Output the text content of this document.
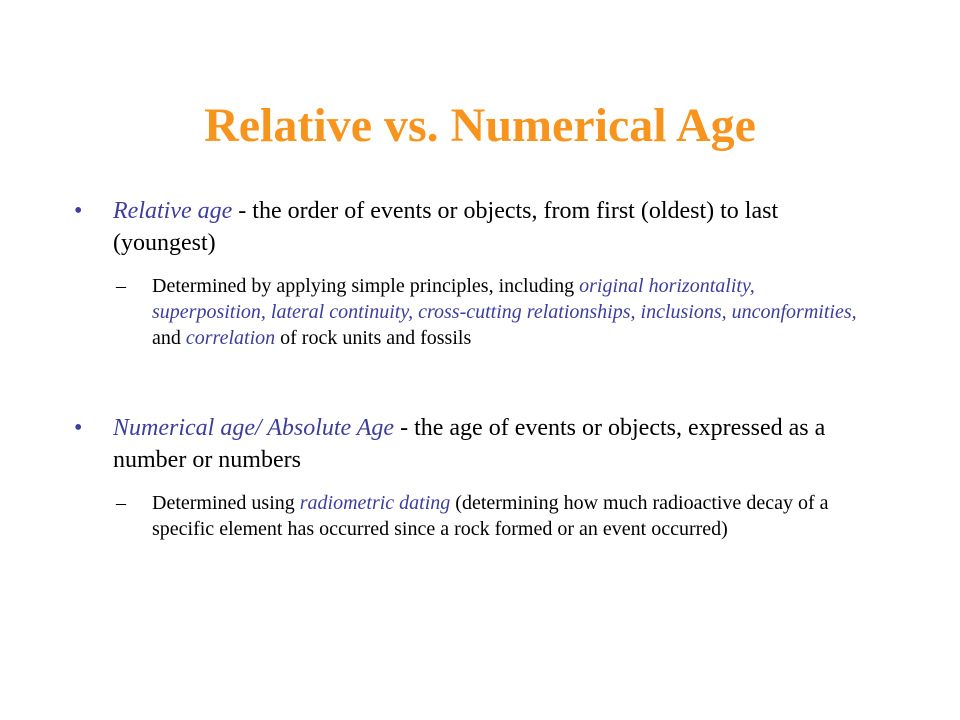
Relative vs. Numerical Age
• Relative age - the order of events or objects, from first (oldest) to last (youngest)
– Determined by applying simple principles, including original horizontality, superposition, lateral continuity, cross-cutting relationships, inclusions, unconformities, and correlation of rock units and fossils
• Numerical age/ Absolute Age - the age of events or objects, expressed as a number or numbers
– Determined using radiometric dating (determining how much radioactive decay of a specific element has occurred since a rock formed or an event occurred)
